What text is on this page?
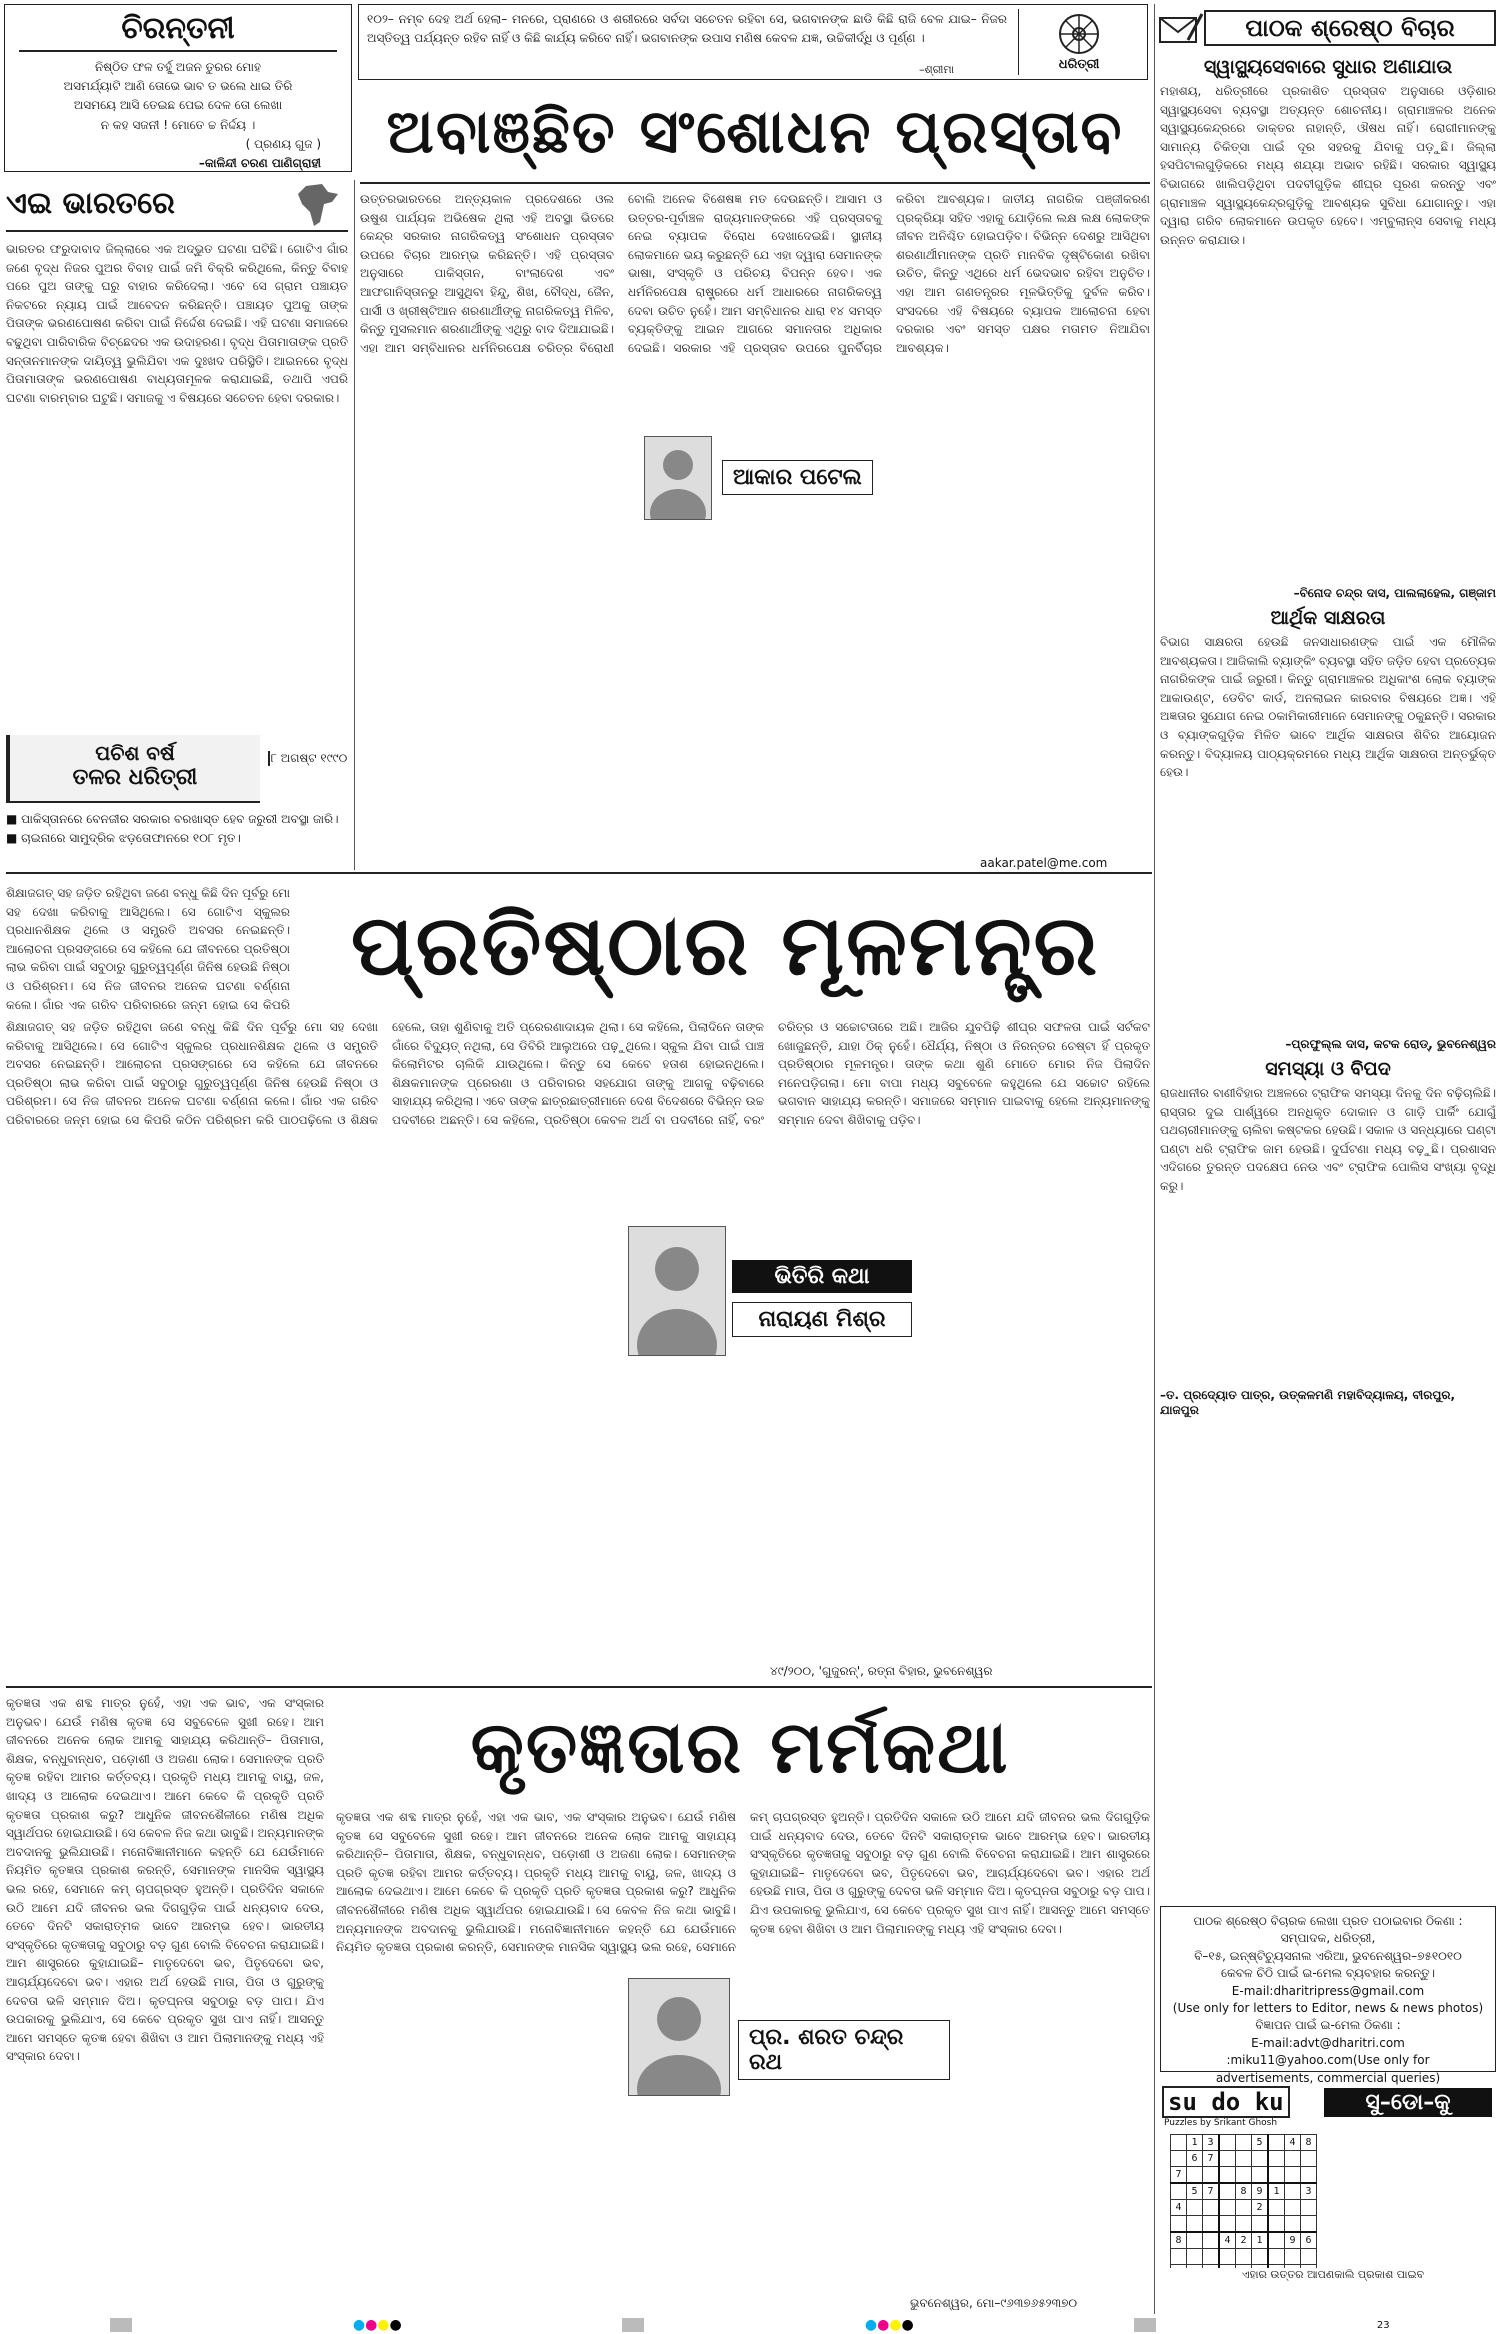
ଚିରନ୍ତନୀ
ନିଷ୍ଠିତ ଫଳ ତର୍ହୁ ଅଜନ ତୁରର ମୋହ
ଅସମର୍ଯ୍ୟାଟି ଆଣି ତୋଭେ ଭାବ ତ ଭଲେ ଧାଇ ତିରି
ଅସମୟେ ଆସି ତେଇଛ ପେଇ ଦେଳ ତୋ ଲେଖା
ନ କହ ସଜନୀ ! ମୋତେ ଚ୍ଚ ନିର୍ଦ୍ଦୟ ।
( ପ୍ରଣୟ ଗୁଜ )
–କାଳିନ୍ଦୀ ଚରଣ ପାଣିଗ୍ରାହୀ
୧୦୨– ନମ୍ବ ଦେହ ଅର୍ଥ ହେଲା– ମନରେ, ପ୍ରାଣରେ ଓ ଶରୀରରେ ସର୍ବଦା ସଚେତନ ରହିବା ସେ, ଭଗବାନଙ୍କ ଛାଡି କିଛି ରାଜି ବେଳ ଯାଇ– ନିଜର ଅସ୍ତିତ୍ୱ ପର୍ଯ୍ୟନ୍ତ ରହିବ ନାହିଁ ଓ କିଛି କାର୍ଯ୍ୟ କରିବେ ନାହିଁ। ଭଗବାନଙ୍କ ଉପାସ ମଣିଷ କେବଳ ଯଜ୍ଞ, ଉଚ୍ଚିକୀର୍ଦ୍ଧି ଓ ପୂର୍ଣ୍ଣ ।
–ଶ୍ରୀମା	ଧରିତ୍ରୀ
ପାଠକ ଶ୍ରେଷ୍ଠ ବିଚାର
ଅବାଞ୍ଛିତ ସଂଶୋଧନ ପ୍ରସ୍ତାବ
ଉତ୍ତରଭାରତରେ ଅନ୍ତ୍ୟକାଳ ପ୍ରଦେଶରେ ଓଲ ଉଷୁଶ ପାର୍ଯ୍ୟକ ଅଭିଷେକ ଥିଲା ଏହି ଅବସ୍ଥା ଭିତରେ କେନ୍ଦ୍ର ସରକାର ନାଗରିକତ୍ୱ ସଂଶୋଧନ ପ୍ରସ୍ତାବ ଉପରେ ବିଚାର ଆରମ୍ଭ କରିଛନ୍ତି। ଏହି ପ୍ରସ୍ତାବ ଅନୁସାରେ ପାକିସ୍ତାନ, ବାଂଲାଦେଶ ଏବଂ ଆଫଗାନିସ୍ତାନରୁ ଆସୁଥିବା ହିନ୍ଦୁ, ଶିଖ, ବୌଦ୍ଧ, ଜୈନ, ପାର୍ସୀ ଓ ଖ୍ରୀଷ୍ଟିଆନ ଶରଣାର୍ଥୀଙ୍କୁ ନାଗରିକତ୍ୱ ମିଳିବ, କିନ୍ତୁ ମୁସଲମାନ ଶରଣାର୍ଥୀଙ୍କୁ ଏଥିରୁ ବାଦ ଦିଆଯାଇଛି। ଏହା ଆମ ସମ୍ବିଧାନର ଧର୍ମନିରପେକ୍ଷ ଚରିତ୍ର ବିରୋଧୀ ବୋଲି ଅନେକ ବିଶେଷଜ୍ଞ ମତ ଦେଉଛନ୍ତି। ଆସାମ ଓ ଉତ୍ତର-ପୂର୍ବାଞ୍ଚଳ ରାଜ୍ୟମାନଙ୍କରେ ଏହି ପ୍ରସ୍ତାବକୁ ନେଇ ବ୍ୟାପକ ବିରୋଧ ଦେଖାଦେଇଛି। ସ୍ଥାନୀୟ ଲୋକମାନେ ଭୟ କରୁଛନ୍ତି ଯେ ଏହା ଦ୍ୱାରା ସେମାନଙ୍କ ଭାଷା, ସଂସ୍କୃତି ଓ ପରିଚୟ ବିପନ୍ନ ହେବ। ଏକ ଧର୍ମନିରପେକ୍ଷ ରାଷ୍ଟ୍ରରେ ଧର୍ମ ଆଧାରରେ ନାଗରିକତ୍ୱ ଦେବା ଉଚିତ ନୁହେଁ। ଆମ ସମ୍ବିଧାନର ଧାରା ୧୪ ସମସ୍ତ ବ୍ୟକ୍ତିଙ୍କୁ ଆଇନ ଆଗରେ ସମାନତାର ଅଧିକାର ଦେଇଛି। ସରକାର ଏହି ପ୍ରସ୍ତାବ ଉପରେ ପୁନର୍ବିଚାର କରିବା ଆବଶ୍ୟକ। ଜାତୀୟ ନାଗରିକ ପଞ୍ଜୀକରଣ ପ୍ରକ୍ରିୟା ସହିତ ଏହାକୁ ଯୋଡ଼ିଲେ ଲକ୍ଷ ଲକ୍ଷ ଲୋକଙ୍କ ଜୀବନ ଅନିଶ୍ଚିତ ହୋଇପଡ଼ିବ। ବିଭିନ୍ନ ଦେଶରୁ ଆସିଥିବା ଶରଣାର୍ଥୀମାନଙ୍କ ପ୍ରତି ମାନବିକ ଦୃଷ୍ଟିକୋଣ ରଖିବା ଉଚିତ, କିନ୍ତୁ ଏଥିରେ ଧର୍ମ ଭେଦଭାବ ରହିବା ଅନୁଚିତ। ଏହା ଆମ ଗଣତନ୍ତ୍ରର ମୂଳଭିତ୍ତିକୁ ଦୁର୍ବଳ କରିବ। ସଂସଦରେ ଏହି ବିଷୟରେ ବ୍ୟାପକ ଆଲୋଚନା ହେବା ଦରକାର ଏବଂ ସମସ୍ତ ପକ୍ଷର ମତାମତ ନିଆଯିବା ଆବଶ୍ୟକ।
ଆକାର ପଟେଲ
aakar.patel@me.com
ଏଇ ଭାରତରେ
ଭାରତର ଫରୁଦାବାଦ ଜିଲ୍ଲାରେ ଏକ ଅଦ୍ଭୁତ ଘଟଣା ଘଟିଛି। ଗୋଟିଏ ଗାଁର ଜଣେ ବୃଦ୍ଧ ନିଜର ପୁଅର ବିବାହ ପାଇଁ ଜମି ବିକ୍ରି କରିଥିଲେ, କିନ୍ତୁ ବିବାହ ପରେ ପୁଅ ତାଙ୍କୁ ଘରୁ ବାହାର କରିଦେଲା। ଏବେ ସେ ଗ୍ରାମ ପଞ୍ଚାୟତ ନିକଟରେ ନ୍ୟାୟ ପାଇଁ ଆବେଦନ କରିଛନ୍ତି। ପଞ୍ଚାୟତ ପୁଅକୁ ତାଙ୍କ ପିତାଙ୍କ ଭରଣପୋଷଣ କରିବା ପାଇଁ ନିର୍ଦ୍ଦେଶ ଦେଇଛି। ଏହି ଘଟଣା ସମାଜରେ ବଢୁଥିବା ପାରିବାରିକ ବିଚ୍ଛେଦର ଏକ ଉଦାହରଣ। ବୃଦ୍ଧ ପିତାମାତାଙ୍କ ପ୍ରତି ସନ୍ତାନମାନଙ୍କ ଦାୟିତ୍ୱ ଭୁଲିଯିବା ଏକ ଦୁଃଖଦ ପରିସ୍ଥିତି। ଆଇନରେ ବୃଦ୍ଧ ପିତାମାତାଙ୍କ ଭରଣପୋଷଣ ବାଧ୍ୟତାମୂଳକ କରାଯାଇଛି, ତଥାପି ଏପରି ଘଟଣା ବାରମ୍ବାର ଘଟୁଛି। ସମାଜକୁ ଏ ବିଷୟରେ ସଚେତନ ହେବା ଦରକାର।
ପଚିଶ ବର୍ଷ
ତଳର ଧରିତ୍ରୀ
୮ ଅଗଷ୍ଟ ୧୯୯୦
■ ପାକିସ୍ତାନରେ ବେନଜୀର ସରକାର ବରଖାସ୍ତ ହେବ ଜରୁରୀ ଅବସ୍ଥା ଜାରି।
■ ଚାଇନାରେ ସାମୁଦ୍ରିକ ଝଡ଼ତୋଫାନରେ ୧୦୮ ମୃତ।
ସ୍ୱାସ୍ଥ୍ୟସେବାରେ ସୁଧାର ଅଣାଯାଉ
ମହାଶୟ, ଧରିତ୍ରୀରେ ପ୍ରକାଶିତ ପ୍ରସ୍ତାବ ଅନୁସାରେ ଓଡ଼ିଶାର ସ୍ୱାସ୍ଥ୍ୟସେବା ବ୍ୟବସ୍ଥା ଅତ୍ୟନ୍ତ ଶୋଚନୀୟ। ଗ୍ରାମାଞ୍ଚଳର ଅନେକ ସ୍ୱାସ୍ଥ୍ୟକେନ୍ଦ୍ରରେ ଡାକ୍ତର ନାହାନ୍ତି, ଔଷଧ ନାହିଁ। ରୋଗୀମାନଙ୍କୁ ସାମାନ୍ୟ ଚିକିତ୍ସା ପାଇଁ ଦୂର ସହରକୁ ଯିବାକୁ ପଡ଼ୁଛି। ଜିଲ୍ଲା ହସପିଟାଲଗୁଡ଼ିକରେ ମଧ୍ୟ ଶଯ୍ୟା ଅଭାବ ରହିଛି। ସରକାର ସ୍ୱାସ୍ଥ୍ୟ ବିଭାଗରେ ଖାଲିପଡ଼ିଥିବା ପଦବୀଗୁଡ଼ିକ ଶୀଘ୍ର ପୂରଣ କରନ୍ତୁ ଏବଂ ଗ୍ରାମାଞ୍ଚଳ ସ୍ୱାସ୍ଥ୍ୟକେନ୍ଦ୍ରଗୁଡ଼ିକୁ ଆବଶ୍ୟକ ସୁବିଧା ଯୋଗାନ୍ତୁ। ଏହା ଦ୍ୱାରା ଗରିବ ଲୋକମାନେ ଉପକୃତ ହେବେ। ଏମ୍ବୁଲାନ୍ସ ସେବାକୁ ମଧ୍ୟ ଉନ୍ନତ କରାଯାଉ।
–ବିନୋଦ ଚନ୍ଦ୍ର ଦାସ, ପାଲଲାହେଲ, ଗଞ୍ଜାମ
ଆର୍ଥିକ ସାକ୍ଷରତା
ବିଭାଗ ସାକ୍ଷରତା ହେଉଛି ଜନସାଧାରଣଙ୍କ ପାଇଁ ଏକ ମୌଳିକ ଆବଶ୍ୟକତା। ଆଜିକାଲି ବ୍ୟାଙ୍କିଂ ବ୍ୟବସ୍ଥା ସହିତ ଜଡ଼ିତ ହେବା ପ୍ରତ୍ୟେକ ନାଗରିକଙ୍କ ପାଇଁ ଜରୁରୀ। କିନ୍ତୁ ଗ୍ରାମାଞ୍ଚଳର ଅଧିକାଂଶ ଲୋକ ବ୍ୟାଙ୍କ ଆକାଉଣ୍ଟ, ଡେବିଟ କାର୍ଡ, ଅନଲାଇନ କାରବାର ବିଷୟରେ ଅଜ୍ଞ। ଏହି ଅଜ୍ଞତାର ସୁଯୋଗ ନେଇ ଠକାମିକାରୀମାନେ ସେମାନଙ୍କୁ ଠକୁଛନ୍ତି। ସରକାର ଓ ବ୍ୟାଙ୍କଗୁଡ଼ିକ ମିଳିତ ଭାବେ ଆର୍ଥିକ ସାକ୍ଷରତା ଶିବିର ଆୟୋଜନ କରନ୍ତୁ। ବିଦ୍ୟାଳୟ ପାଠ୍ୟକ୍ରମରେ ମଧ୍ୟ ଆର୍ଥିକ ସାକ୍ଷରତା ଅନ୍ତର୍ଭୁକ୍ତ ହେଉ।
–ପ୍ରଫୁଲ୍ଲ ଦାସ, କଟକ ରୋଡ୍, ଭୁବନେଶ୍ୱର
ସମସ୍ୟା ଓ ବିପଦ
ରାଜଧାନୀର ବାଣୀବିହାର ଅଞ୍ଚଳରେ ଟ୍ରାଫିକ ସମସ୍ୟା ଦିନକୁ ଦିନ ବଢ଼ିଚାଲିଛି। ରାସ୍ତାର ଦୁଇ ପାର୍ଶ୍ୱରେ ଅନଧିକୃତ ଦୋକାନ ଓ ଗାଡ଼ି ପାର୍କିଂ ଯୋଗୁଁ ପଥଚାରୀମାନଙ୍କୁ ଚାଲିବା କଷ୍ଟକର ହେଉଛି। ସକାଳ ଓ ସନ୍ଧ୍ୟାରେ ଘଣ୍ଟା ଘଣ୍ଟା ଧରି ଟ୍ରାଫିକ ଜାମ ହେଉଛି। ଦୁର୍ଘଟଣା ମଧ୍ୟ ବଢ଼ୁଛି। ପ୍ରଶାସନ ଏଦିଗରେ ତୁରନ୍ତ ପଦକ୍ଷେପ ନେଉ ଏବଂ ଟ୍ରାଫିକ ପୋଲିସ ସଂଖ୍ୟା ବୃଦ୍ଧି କରୁ।
–ତ. ପ୍ରଦ୍ୟୋତ ପାତ୍ର, ଉତ୍କଳମଣି ମହାବିଦ୍ୟାଳୟ, ବୀରପୁର, ଯାଜପୁର
ପାଠକ ଶ୍ରେଷ୍ଠ ବିଚାରକ ଲେଖା ପ୍ରତ ପଠାଇବାର ଠିକଣା :
ସମ୍ପାଦକ, ଧରିତ୍ରୀ,
ବି–୧୫, ଇନ୍ଷ୍ଟିଚ୍ୟୁସନାଲ ଏରିଆ, ଭୁବନେଶ୍ୱର–୭୫୧୦୧୦
କେବଳ ଚିଠି ପାଇଁ ଇ-ମେଲ ବ୍ୟବହାର କରନ୍ତୁ।
E-mail:dharitripress@gmail.com
(Use only for letters to Editor, news & news photos)
ବିଜ୍ଞାପନ ପାଇଁ ଇ-ମେଲ ଠିକଣା :
E-mail:advt@dharitri.com
:miku11@yahoo.com(Use only for
advertisements, commercial queries)
ପ୍ରତିଷ୍ଠାର ମୂଳମନ୍ତ୍ର
ଶିକ୍ଷାଜଗତ୍ ସହ ଜଡ଼ିତ ରହିଥିବା ଜଣେ ବନ୍ଧୁ କିଛି ଦିନ ପୂର୍ବରୁ ମୋ ସହ ଦେଖା କରିବାକୁ ଆସିଥିଲେ। ସେ ଗୋଟିଏ ସ୍କୁଲର ପ୍ରଧାନଶିକ୍ଷକ ଥିଲେ ଓ ସମ୍ପ୍ରତି ଅବସର ନେଇଛନ୍ତି। ଆଲୋଚନା ପ୍ରସଙ୍ଗରେ ସେ କହିଲେ ଯେ ଜୀବନରେ ପ୍ରତିଷ୍ଠା ଲାଭ କରିବା ପାଇଁ ସବୁଠାରୁ ଗୁରୁତ୍ୱପୂର୍ଣ୍ଣ ଜିନିଷ ହେଉଛି ନିଷ୍ଠା ଓ ପରିଶ୍ରମ। ସେ ନିଜ ଜୀବନର ଅନେକ ଘଟଣା ବର୍ଣ୍ଣନା କଲେ। ଗାଁର ଏକ ଗରିବ ପରିବାରରେ ଜନ୍ମ ହୋଇ ସେ କିପରି
ଶିକ୍ଷାଜଗତ୍ ସହ ଜଡ଼ିତ ରହିଥିବା ଜଣେ ବନ୍ଧୁ କିଛି ଦିନ ପୂର୍ବରୁ ମୋ ସହ ଦେଖା କରିବାକୁ ଆସିଥିଲେ। ସେ ଗୋଟିଏ ସ୍କୁଲର ପ୍ରଧାନଶିକ୍ଷକ ଥିଲେ ଓ ସମ୍ପ୍ରତି ଅବସର ନେଇଛନ୍ତି। ଆଲୋଚନା ପ୍ରସଙ୍ଗରେ ସେ କହିଲେ ଯେ ଜୀବନରେ ପ୍ରତିଷ୍ଠା ଲାଭ କରିବା ପାଇଁ ସବୁଠାରୁ ଗୁରୁତ୍ୱପୂର୍ଣ୍ଣ ଜିନିଷ ହେଉଛି ନିଷ୍ଠା ଓ ପରିଶ୍ରମ। ସେ ନିଜ ଜୀବନର ଅନେକ ଘଟଣା ବର୍ଣ୍ଣନା କଲେ। ଗାଁର ଏକ ଗରିବ ପରିବାରରେ ଜନ୍ମ ହୋଇ ସେ କିପରି କଠିନ ପରିଶ୍ରମ କରି ପାଠପଢ଼ିଲେ ଓ ଶିକ୍ଷକ ହେଲେ, ତାହା ଶୁଣିବାକୁ ଅତି ପ୍ରେରଣାଦାୟକ ଥିଲା। ସେ କହିଲେ, ପିଲାଦିନେ ତାଙ୍କ ଗାଁରେ ବିଦ୍ୟୁତ୍ ନଥିଲା, ସେ ଡିବିରି ଆଲୁଅରେ ପଢ଼ୁଥିଲେ। ସ୍କୁଲ ଯିବା ପାଇଁ ପାଞ୍ଚ କିଲୋମିଟର ଚାଲିକି ଯାଉଥିଲେ। କିନ୍ତୁ ସେ କେବେ ହତାଶ ହୋଇନଥିଲେ। ଶିକ୍ଷକମାନଙ୍କ ପ୍ରେରଣା ଓ ପରିବାରର ସହଯୋଗ ତାଙ୍କୁ ଆଗକୁ ବଢ଼ିବାରେ ସାହାଯ୍ୟ କରିଥିଲା। ଏବେ ତାଙ୍କ ଛାତ୍ରଛାତ୍ରୀମାନେ ଦେଶ ବିଦେଶରେ ବିଭିନ୍ନ ଉଚ୍ଚ ପଦବୀରେ ଅଛନ୍ତି। ସେ କହିଲେ, ପ୍ରତିଷ୍ଠା କେବଳ ଅର୍ଥ ବା ପଦବୀରେ ନାହିଁ, ବରଂ ଚରିତ୍ର ଓ ସଚ୍ଚୋଟତାରେ ଅଛି। ଆଜିର ଯୁବପିଢ଼ି ଶୀଘ୍ର ସଫଳତା ପାଇଁ ସର୍ଟକଟ ଖୋଜୁଛନ୍ତି, ଯାହା ଠିକ୍ ନୁହେଁ। ଧୈର୍ଯ୍ୟ, ନିଷ୍ଠା ଓ ନିରନ୍ତର ଚେଷ୍ଟା ହିଁ ପ୍ରକୃତ ପ୍ରତିଷ୍ଠାର ମୂଳମନ୍ତ୍ର। ତାଙ୍କ କଥା ଶୁଣି ମୋତେ ମୋର ନିଜ ପିଲାଦିନ ମନେପଡ଼ିଗଲା। ମୋ ବାପା ମଧ୍ୟ ସବୁବେଳେ କହୁଥିଲେ ଯେ ସଚ୍ଚୋଟ ରହିଲେ ଭଗବାନ ସାହାଯ୍ୟ କରନ୍ତି। ସମାଜରେ ସମ୍ମାନ ପାଇବାକୁ ହେଲେ ଅନ୍ୟମାନଙ୍କୁ ସମ୍ମାନ ଦେବା ଶିଖିବାକୁ ପଡ଼ିବ।
ଭିତିରି କଥା
ନାରାୟଣ ମିଶ୍ର
୪୯/୨୦୦, 'ଗୁଜୁରନ୍', ରତ୍ନା ବିହାର, ଭୁବନେଶ୍ୱର
କୃତଜ୍ଞତାର ମର୍ମକଥା
କୃତଜ୍ଞତା ଏକ ଶବ୍ଦ ମାତ୍ର ନୁହେଁ, ଏହା ଏକ ଭାବ, ଏକ ସଂସ୍କାର ଅନୁଭବ। ଯେଉଁ ମଣିଷ କୃତଜ୍ଞ ସେ ସବୁବେଳେ ସୁଖୀ ରହେ। ଆମ ଜୀବନରେ ଅନେକ ଲୋକ ଆମକୁ ସାହାଯ୍ୟ କରିଥାନ୍ତି– ପିତାମାତା, ଶିକ୍ଷକ, ବନ୍ଧୁବାନ୍ଧବ, ପଡ଼ୋଶୀ ଓ ଅଜଣା ଲୋକ। ସେମାନଙ୍କ ପ୍ରତି କୃତଜ୍ଞ ରହିବା ଆମର କର୍ତ୍ତବ୍ୟ। ପ୍ରକୃତି ମଧ୍ୟ ଆମକୁ ବାୟୁ, ଜଳ, ଖାଦ୍ୟ ଓ ଆଲୋକ ଦେଇଥାଏ। ଆମେ କେବେ କି ପ୍ରକୃତି ପ୍ରତି କୃତଜ୍ଞତା ପ୍ରକାଶ କରୁ? ଆଧୁନିକ ଜୀବନଶୈଳୀରେ ମଣିଷ ଅଧିକ ସ୍ୱାର୍ଥପର ହୋଇଯାଉଛି। ସେ କେବଳ ନିଜ କଥା ଭାବୁଛି। ଅନ୍ୟମାନଙ୍କ ଅବଦାନକୁ ଭୁଲିଯାଉଛି। ମନୋବିଜ୍ଞାନୀମାନେ କହନ୍ତି ଯେ ଯେଉଁମାନେ ନିୟମିତ କୃତଜ୍ଞତା ପ୍ରକାଶ କରନ୍ତି, ସେମାନଙ୍କ ମାନସିକ ସ୍ୱାସ୍ଥ୍ୟ ଭଲ ରହେ, ସେମାନେ କମ୍ ଚାପଗ୍ରସ୍ତ ହୁଅନ୍ତି। ପ୍ରତିଦିନ ସକାଳେ ଉଠି ଆମେ ଯଦି ଜୀବନର ଭଲ ଦିଗଗୁଡ଼ିକ ପାଇଁ ଧନ୍ୟବାଦ ଦେଉ, ତେବେ ଦିନଟି ସକାରାତ୍ମକ ଭାବେ ଆରମ୍ଭ ହେବ। ଭାରତୀୟ ସଂସ୍କୃତିରେ କୃତଜ୍ଞତାକୁ ସବୁଠାରୁ ବଡ଼ ଗୁଣ ବୋଲି ବିବେଚନା କରାଯାଇଛି। ଆମ ଶାସ୍ତ୍ରରେ କୁହାଯାଇଛି– ମାତୃଦେବୋ ଭବ, ପିତୃଦେବୋ ଭବ, ଆଚାର୍ଯ୍ୟଦେବୋ ଭବ। ଏହାର ଅର୍ଥ ହେଉଛି ମାତା, ପିତା ଓ ଗୁରୁଙ୍କୁ ଦେବତା ଭଳି ସମ୍ମାନ ଦିଅ। କୃତଘ୍ନତା ସବୁଠାରୁ ବଡ଼ ପାପ। ଯିଏ ଉପକାରକୁ ଭୁଲିଯାଏ, ସେ କେବେ ପ୍ରକୃତ ସୁଖ ପାଏ ନାହିଁ। ଆସନ୍ତୁ ଆମେ ସମସ୍ତେ କୃତଜ୍ଞ ହେବା ଶିଖିବା ଓ ଆମ ପିଲାମାନଙ୍କୁ ମଧ୍ୟ ଏହି ସଂସ୍କାର ଦେବା।
କୃତଜ୍ଞତା ଏକ ଶବ୍ଦ ମାତ୍ର ନୁହେଁ, ଏହା ଏକ ଭାବ, ଏକ ସଂସ୍କାର ଅନୁଭବ। ଯେଉଁ ମଣିଷ କୃତଜ୍ଞ ସେ ସବୁବେଳେ ସୁଖୀ ରହେ। ଆମ ଜୀବନରେ ଅନେକ ଲୋକ ଆମକୁ ସାହାଯ୍ୟ କରିଥାନ୍ତି– ପିତାମାତା, ଶିକ୍ଷକ, ବନ୍ଧୁବାନ୍ଧବ, ପଡ଼ୋଶୀ ଓ ଅଜଣା ଲୋକ। ସେମାନଙ୍କ ପ୍ରତି କୃତଜ୍ଞ ରହିବା ଆମର କର୍ତ୍ତବ୍ୟ। ପ୍ରକୃତି ମଧ୍ୟ ଆମକୁ ବାୟୁ, ଜଳ, ଖାଦ୍ୟ ଓ ଆଲୋକ ଦେଇଥାଏ। ଆମେ କେବେ କି ପ୍ରକୃତି ପ୍ରତି କୃତଜ୍ଞତା ପ୍ରକାଶ କରୁ? ଆଧୁନିକ ଜୀବନଶୈଳୀରେ ମଣିଷ ଅଧିକ ସ୍ୱାର୍ଥପର ହୋଇଯାଉଛି। ସେ କେବଳ ନିଜ କଥା ଭାବୁଛି। ଅନ୍ୟମାନଙ୍କ ଅବଦାନକୁ ଭୁଲିଯାଉଛି। ମନୋବିଜ୍ଞାନୀମାନେ କହନ୍ତି ଯେ ଯେଉଁମାନେ ନିୟମିତ କୃତଜ୍ଞତା ପ୍ରକାଶ କରନ୍ତି, ସେମାନଙ୍କ ମାନସିକ ସ୍ୱାସ୍ଥ୍ୟ ଭଲ ରହେ, ସେମାନେ କମ୍ ଚାପଗ୍ରସ୍ତ ହୁଅନ୍ତି। ପ୍ରତିଦିନ ସକାଳେ ଉଠି ଆମେ ଯଦି ଜୀବନର ଭଲ ଦିଗଗୁଡ଼ିକ ପାଇଁ ଧନ୍ୟବାଦ ଦେଉ, ତେବେ ଦିନଟି ସକାରାତ୍ମକ ଭାବେ ଆରମ୍ଭ ହେବ। ଭାରତୀୟ ସଂସ୍କୃତିରେ କୃତଜ୍ଞତାକୁ ସବୁଠାରୁ ବଡ଼ ଗୁଣ ବୋଲି ବିବେଚନା କରାଯାଇଛି। ଆମ ଶାସ୍ତ୍ରରେ କୁହାଯାଇଛି– ମାତୃଦେବୋ ଭବ, ପିତୃଦେବୋ ଭବ, ଆଚାର୍ଯ୍ୟଦେବୋ ଭବ। ଏହାର ଅର୍ଥ ହେଉଛି ମାତା, ପିତା ଓ ଗୁରୁଙ୍କୁ ଦେବତା ଭଳି ସମ୍ମାନ ଦିଅ। କୃତଘ୍ନତା ସବୁଠାରୁ ବଡ଼ ପାପ। ଯିଏ ଉପକାରକୁ ଭୁଲିଯାଏ, ସେ କେବେ ପ୍ରକୃତ ସୁଖ ପାଏ ନାହିଁ। ଆସନ୍ତୁ ଆମେ ସମସ୍ତେ କୃତଜ୍ଞ ହେବା ଶିଖିବା ଓ ଆମ ପିଲାମାନଙ୍କୁ ମଧ୍ୟ ଏହି ସଂସ୍କାର ଦେବା।
ପ୍ର. ଶରତ ଚନ୍ଦ୍ର ରଥ
ଭୁବନେଶ୍ୱର, ମୋ–୯୬୩୭୬୫୨୩୭୦
su do ku
Puzzles by Srikant Ghosh
ସୁ–ଡୋ–କୁ
	1	3			5		4	8
	6	7						
7								
	5	7		8	9	1		3
4					2			

8			4	2	1		9	6

ଏହାର ଉତ୍ତର ଆପଣକାଲି ପ୍ରକାଶ ପାଇବ
●●●●	●●●●	23
